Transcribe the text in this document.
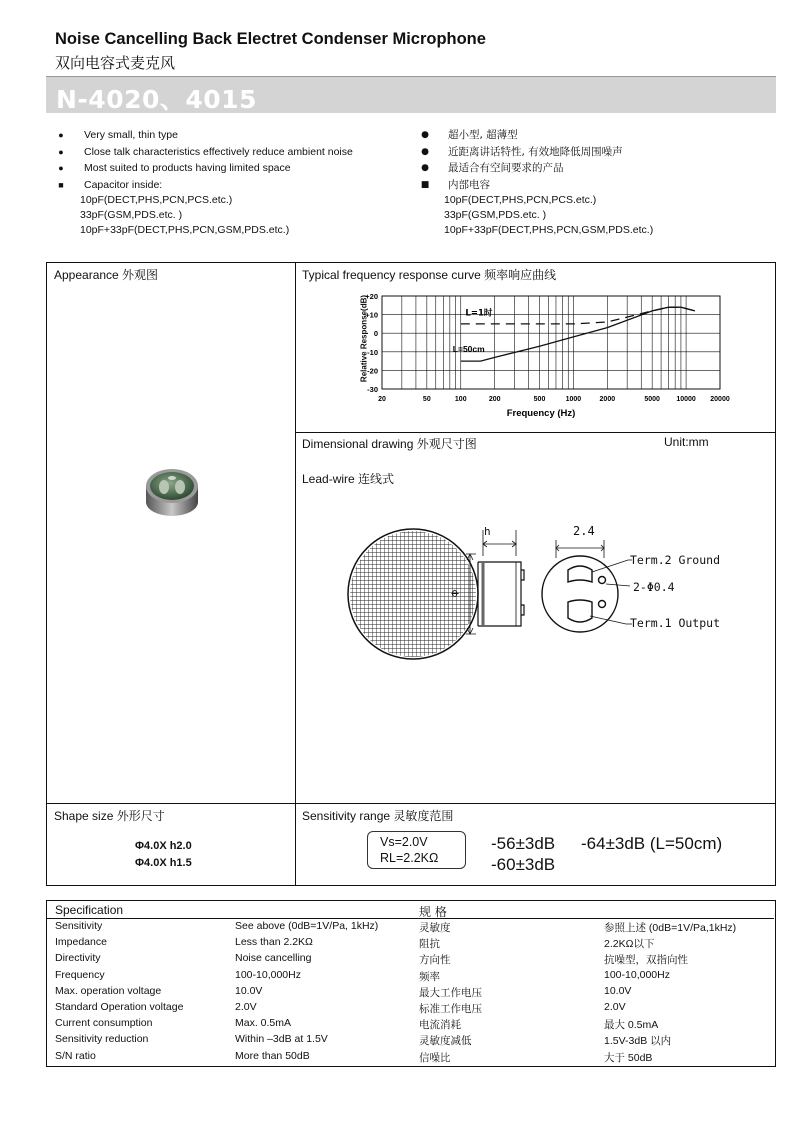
Noise Cancelling Back Electret Condenser Microphone
双向电容式麦克风
N-4020、4015
●	Very small, thin type
●	Close talk characteristics effectively reduce ambient noise
●	Most suited to products having limited space
■	Capacitor inside:
10pF(DECT,PHS,PCN,PCS.etc.)
33pF(GSM,PDS.etc. )
10pF+33pF(DECT,PHS,PCN,GSM,PDS.etc.)
● 超小型, 超薄型
● 近距离讲话特性, 有效地降低周围噪声
● 最适合有空间要求的产品
■ 内部电容
10pF(DECT,PHS,PCN,PCS.etc.)
33pF(GSM,PDS.etc. )
10pF+33pF(DECT,PHS,PCN,GSM,PDS.etc.)
Appearance 外观图	Typical frequency response curve 频率响应曲线
Dimensional drawing 外观尺寸图	Unit:mm
Lead-wire 连线式
Shape size 外形尺寸	Sensitivity range 灵敏度范围
Relative Response(dB)
+20
+10
0
-10
-20
-30
20	50	100	200	500	1000	2000	5000 10000 20000
Frequency (Hz)
L=1时
L=50cm
h	2.4
Φ
Term.2 Ground
2-Φ0.4
Term.1 Output
Φ4.0X h2.0
Φ4.0X h1.5
Vs=2.0V
RL=2.2KΩ
-56±3dB -64±3dB (L=50cm)
-60±3dB
Specification	规 格
Sensitivity	See above (0dB=1V/Pa, 1kHz)	灵敏度	参照上述 (0dB=1V/Pa,1kHz)
Impedance	Less than 2.2KΩ	阻抗	2.2KΩ以下
Directivity	Noise cancelling	方向性	抗噪型，双指向性
Frequency	100-10,000Hz	频率	100-10,000Hz
Max. operation voltage	10.0V	最大工作电压	10.0V
Standard Operation voltage	2.0V	标准工作电压	2.0V
Current consumption	Max. 0.5mA	电流消耗	最大 0.5mA
Sensitivity reduction	Within –3dB at 1.5V	灵敏度减低	1.5V-3dB 以内
S/N ratio	More than 50dB	信噪比	大于 50dB
